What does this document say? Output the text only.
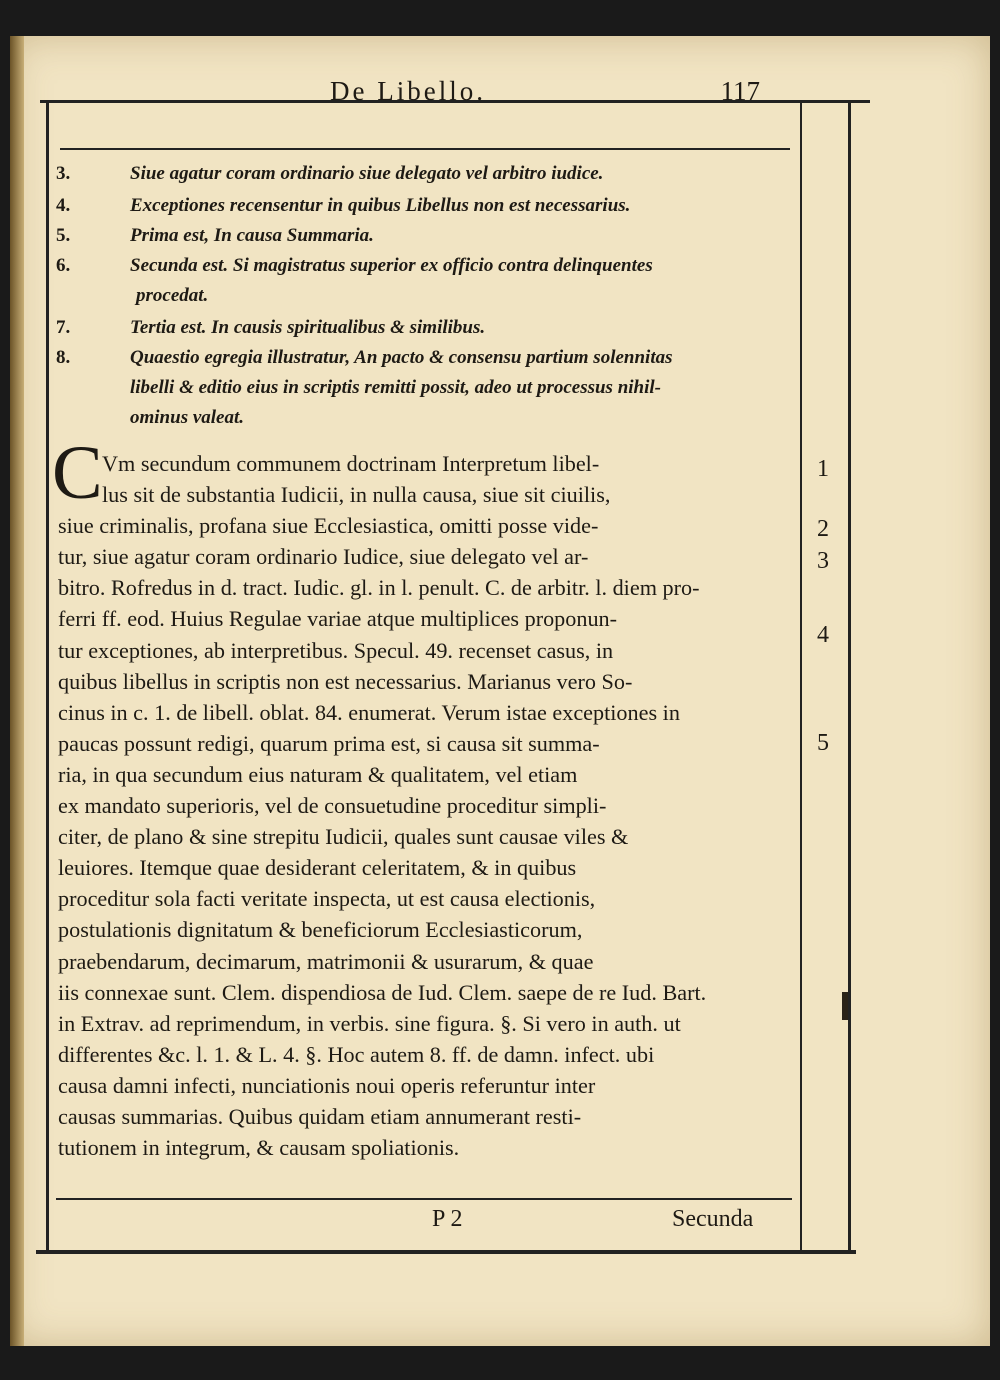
De Libello.	117
3.	Siue agatur coram ordinario siue delegato vel arbitro iudice.
4.	Exceptiones recensentur in quibus Libellus non est necessarius.
5.	Prima est, In causa Summaria.
6.	Secunda est. Si magistratus superior ex officio contra delinquentes
procedat.
7.	Tertia est. In causis spiritualibus & similibus.
8.	Quaestio egregia illustratur, An pacto & consensu partium solennitas
libelli & editio eius in scriptis remitti possit, adeo ut processus nihil-
ominus valeat.
C Vm secundum communem doctrinam Interpretum libel-
lus sit de substantia Iudicii, in nulla causa, siue sit ciuilis,
siue criminalis, profana siue Ecclesiastica, omitti posse vide-
tur, siue agatur coram ordinario Iudice, siue delegato vel ar-
bitro. Rofredus in d. tract. Iudic. gl. in l. penult. C. de arbitr. l. diem pro-
ferri ff. eod. Huius Regulae variae atque multiplices proponun-
tur exceptiones, ab interpretibus. Specul. 49. recenset casus, in
quibus libellus in scriptis non est necessarius. Marianus vero So-
cinus in c. 1. de libell. oblat. 84. enumerat. Verum istae exceptiones in
paucas possunt redigi, quarum prima est, si causa sit summa-
ria, in qua secundum eius naturam & qualitatem, vel etiam
ex mandato superioris, vel de consuetudine proceditur simpli-
citer, de plano & sine strepitu Iudicii, quales sunt causae viles &
leuiores. Itemque quae desiderant celeritatem, & in quibus
proceditur sola facti veritate inspecta, ut est causa electionis,
postulationis dignitatum & beneficiorum Ecclesiasticorum,
praebendarum, decimarum, matrimonii & usurarum, & quae
iis connexae sunt. Clem. dispendiosa de Iud. Clem. saepe de re Iud. Bart.
in Extrav. ad reprimendum, in verbis. sine figura. §. Si vero in auth. ut
differentes &c. l. 1. & L. 4. §. Hoc autem 8. ff. de damn. infect. ubi
causa damni infecti, nunciationis noui operis referuntur inter
causas summarias. Quibus quidam etiam annumerant resti-
tutionem in integrum, & causam spoliationis.
1
2
3
4
5
P 2	Secunda
